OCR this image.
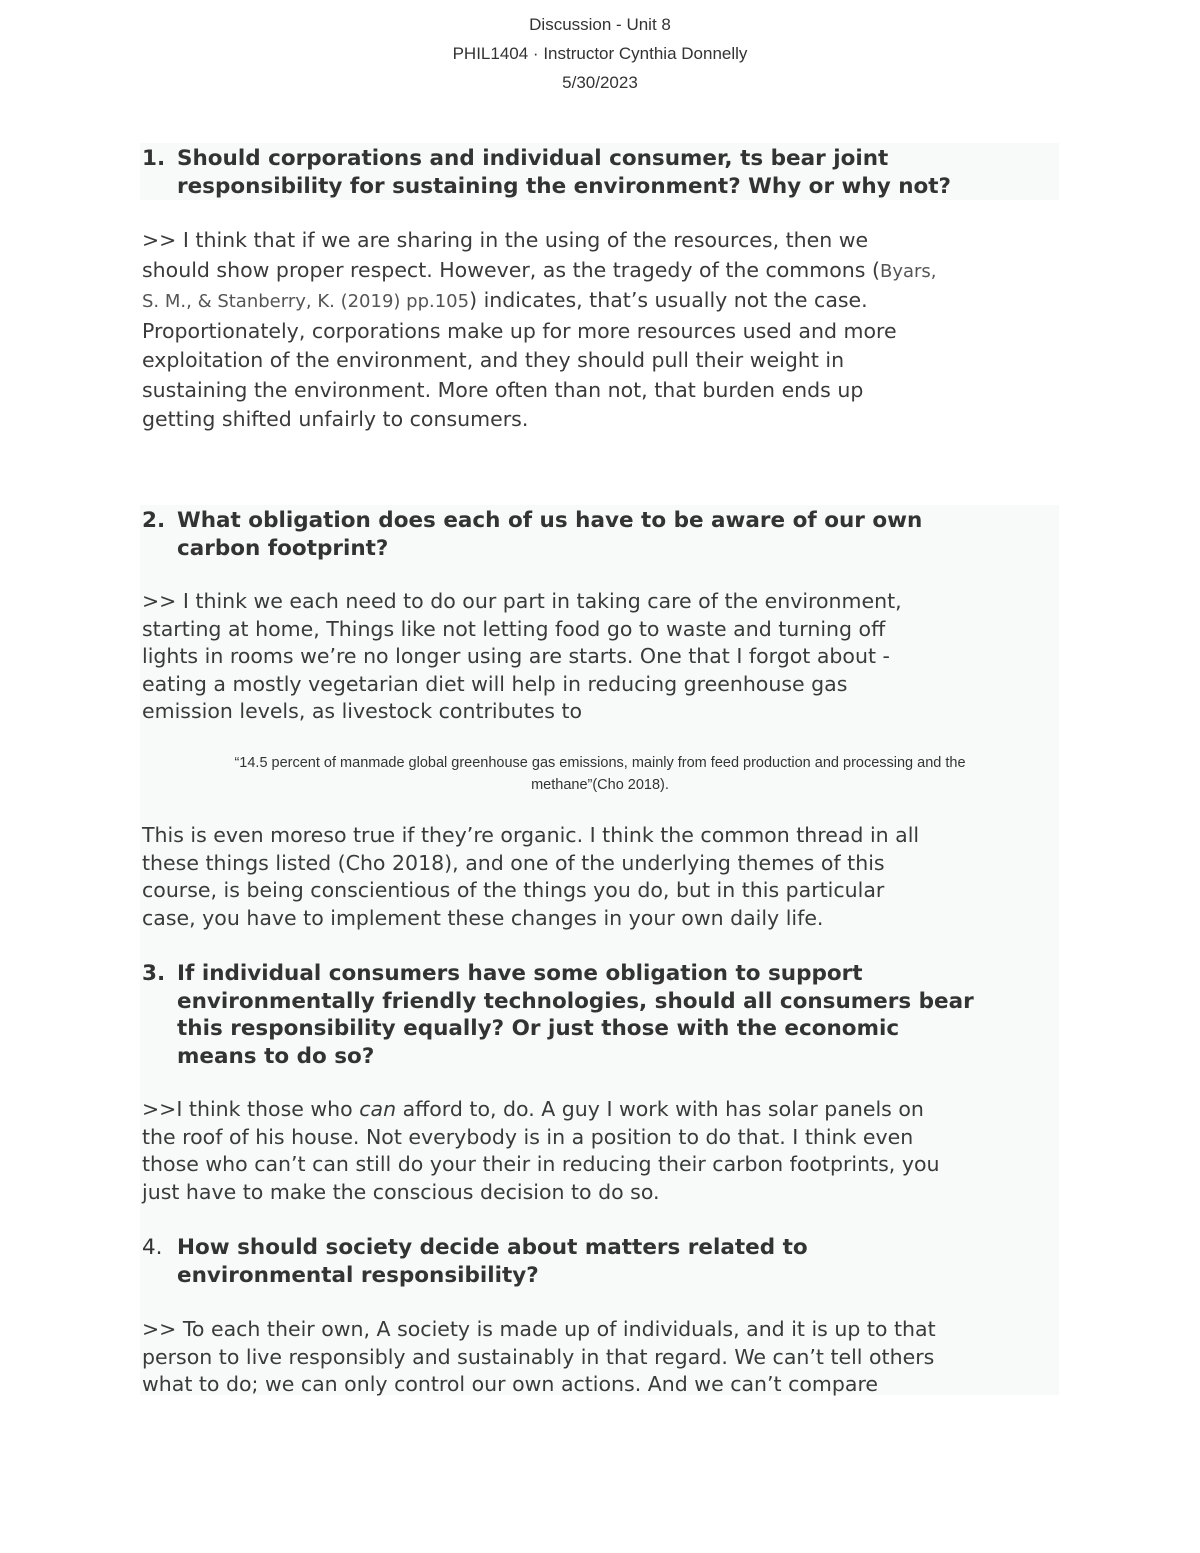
Discussion - Unit 8
PHIL1404 · Instructor Cynthia Donnelly
5/30/2023
1. Should corporations and individual consumer, ts bear joint
responsibility for sustaining the environment? Why or why not?
>> I think that if we are sharing in the using of the resources, then we
should show proper respect. However, as the tragedy of the commons (Byars,
S. M., & Stanberry, K. (2019) pp.105) indicates, that’s usually not the case.
Proportionately, corporations make up for more resources used and more
exploitation of the environment, and they should pull their weight in
sustaining the environment. More often than not, that burden ends up
getting shifted unfairly to consumers.
2. What obligation does each of us have to be aware of our own
carbon footprint?
>> I think we each need to do our part in taking care of the environment,
starting at home, Things like not letting food go to waste and turning off
lights in rooms we’re no longer using are starts. One that I forgot about -
eating a mostly vegetarian diet will help in reducing greenhouse gas
emission levels, as livestock contributes to
“14.5 percent of manmade global greenhouse gas emissions, mainly from feed production and processing and the
methane”(Cho 2018).
This is even moreso true if they’re organic. I think the common thread in all
these things listed (Cho 2018), and one of the underlying themes of this
course, is being conscientious of the things you do, but in this particular
case, you have to implement these changes in your own daily life.
3. If individual consumers have some obligation to support
environmentally friendly technologies, should all consumers bear
this responsibility equally? Or just those with the economic
means to do so?
>>I think those who can afford to, do. A guy I work with has solar panels on
the roof of his house. Not everybody is in a position to do that. I think even
those who can’t can still do your their in reducing their carbon footprints, you
just have to make the conscious decision to do so.
4. How should society decide about matters related to
environmental responsibility?
>> To each their own, A society is made up of individuals, and it is up to that
person to live responsibly and sustainably in that regard. We can’t tell others
what to do; we can only control our own actions. And we can’t compare
